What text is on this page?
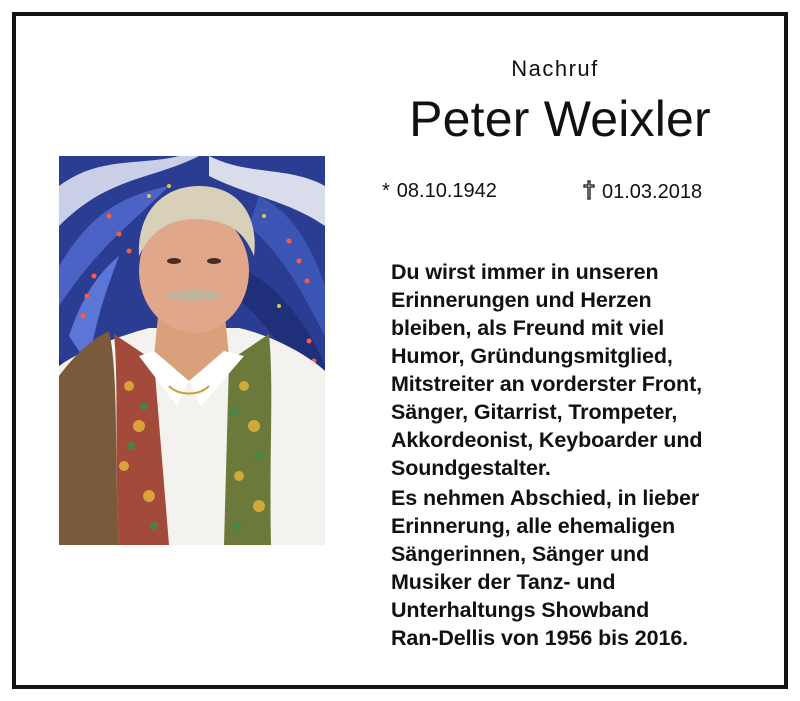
Nachruf
Peter Weixler
* 08.10.1942	01.03.2018
Du wirst immer in unseren
Erinnerungen und Herzen
bleiben, als Freund mit viel
Humor, Gründungsmitglied,
Mitstreiter an vorderster Front,
Sänger, Gitarrist, Trompeter,
Akkordeonist, Keyboarder und
Soundgestalter.
Es nehmen Abschied, in lieber
Erinnerung, alle ehemaligen
Sängerinnen, Sänger und
Musiker der Tanz- und
Unterhaltungs Showband
Ran-Dellis von 1956 bis 2016.
